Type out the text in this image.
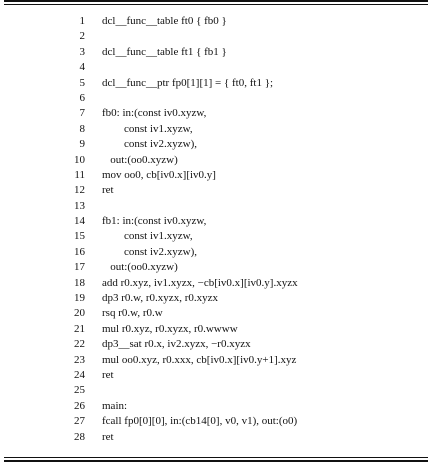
1 dcl__func__table ft0 { fb0 }
2
3 dcl__func__table ft1 { fb1 }
4
5 dcl__func__ptr fp0[1][1] = { ft0, ft1 };
6
7 fb0: in:(const iv0.xyzw,
8 const iv1.xyzw,
9 const iv2.xyzw),
10 out:(oo0.xyzw)
11 mov oo0, cb[iv0.x][iv0.y]
12 ret
13
14 fb1: in:(const iv0.xyzw,
15 const iv1.xyzw,
16 const iv2.xyzw),
17 out:(oo0.xyzw)
18 add r0.xyz, iv1.xyzx, −cb[iv0.x][iv0.y].xyzx
19 dp3 r0.w, r0.xyzx, r0.xyzx
20 rsq r0.w, r0.w
21 mul r0.xyz, r0.xyzx, r0.wwww
22 dp3__sat r0.x, iv2.xyzx, −r0.xyzx
23 mul oo0.xyz, r0.xxx, cb[iv0.x][iv0.y+1].xyz
24 ret
25
26 main:
27 fcall fp0[0][0], in:(cb14[0], v0, v1), out:(o0)
28 ret
